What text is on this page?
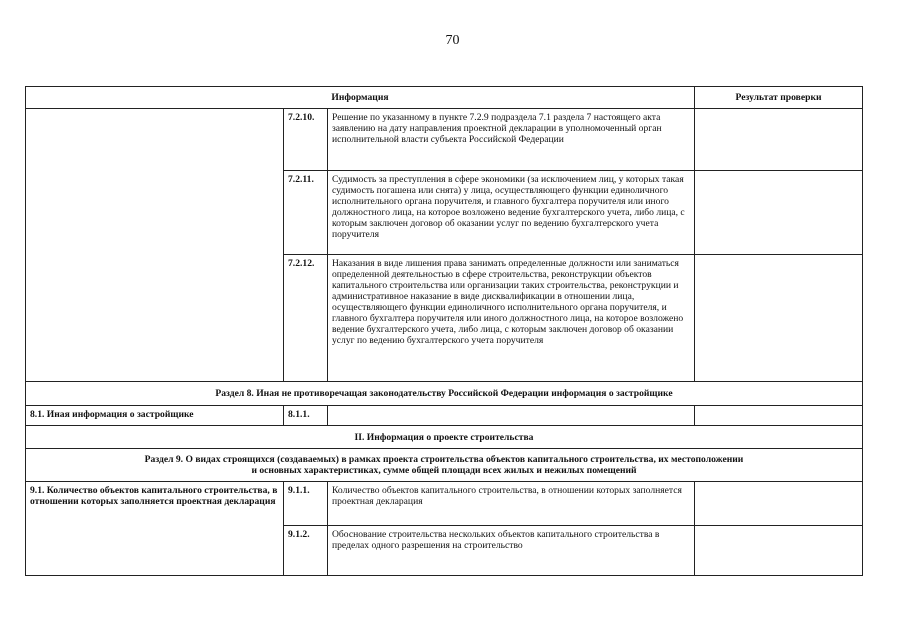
70
Информация			Результат проверки
	7.2.10.	Решение по указанному в пункте 7.2.9 подраздела 7.1 раздела 7 настоящего акта заявлению на дату направления проектной декларации в уполномоченный орган исполнительной власти субъекта Российской Федерации	
	7.2.11.	Судимость за преступления в сфере экономики (за исключением лиц, у которых такая судимость погашена или снята) у лица, осуществляющего функции единоличного исполнительного органа поручителя, и главного бухгалтера поручителя или иного должностного лица, на которое возложено ведение бухгалтерского учета, либо лица, с которым заключен договор об оказании услуг по ведению бухгалтерского учета поручителя	
	7.2.12.	Наказания в виде лишения права занимать определенные должности или заниматься определенной деятельностью в сфере строительства, реконструкции объектов капитального строительства или организации таких строительства, реконструкции и административное наказание в виде дисквалификации в отношении лица, осуществляющего функции единоличного исполнительного органа поручителя, и главного бухгалтера поручителя или иного должностного лица, на которое возложено ведение бухгалтерского учета, либо лица, с которым заключен договор об оказании услуг по ведению бухгалтерского учета поручителя	
Раздел 8. Иная не противоречащая законодательству Российской Федерации информация о застройщике			
8.1. Иная информация о застройщике	8.1.1.		
II. Информация о проекте строительства			

Раздел 9. О видах строящихся (создаваемых) в рамках проекта строительства объектов капитального строительства, их местоположении
и основных характеристиках, сумме общей площади всех жилых и нежилых помещений			

9.1. Количество объектов капитального строительства, в отношении которых заполняется проектная декларация	9.1.1.	Количество объектов капитального строительства, в отношении которых заполняется проектная декларация	
	9.1.2.	Обоснование строительства нескольких объектов капитального строительства в пределах одного разрешения на строительство	
